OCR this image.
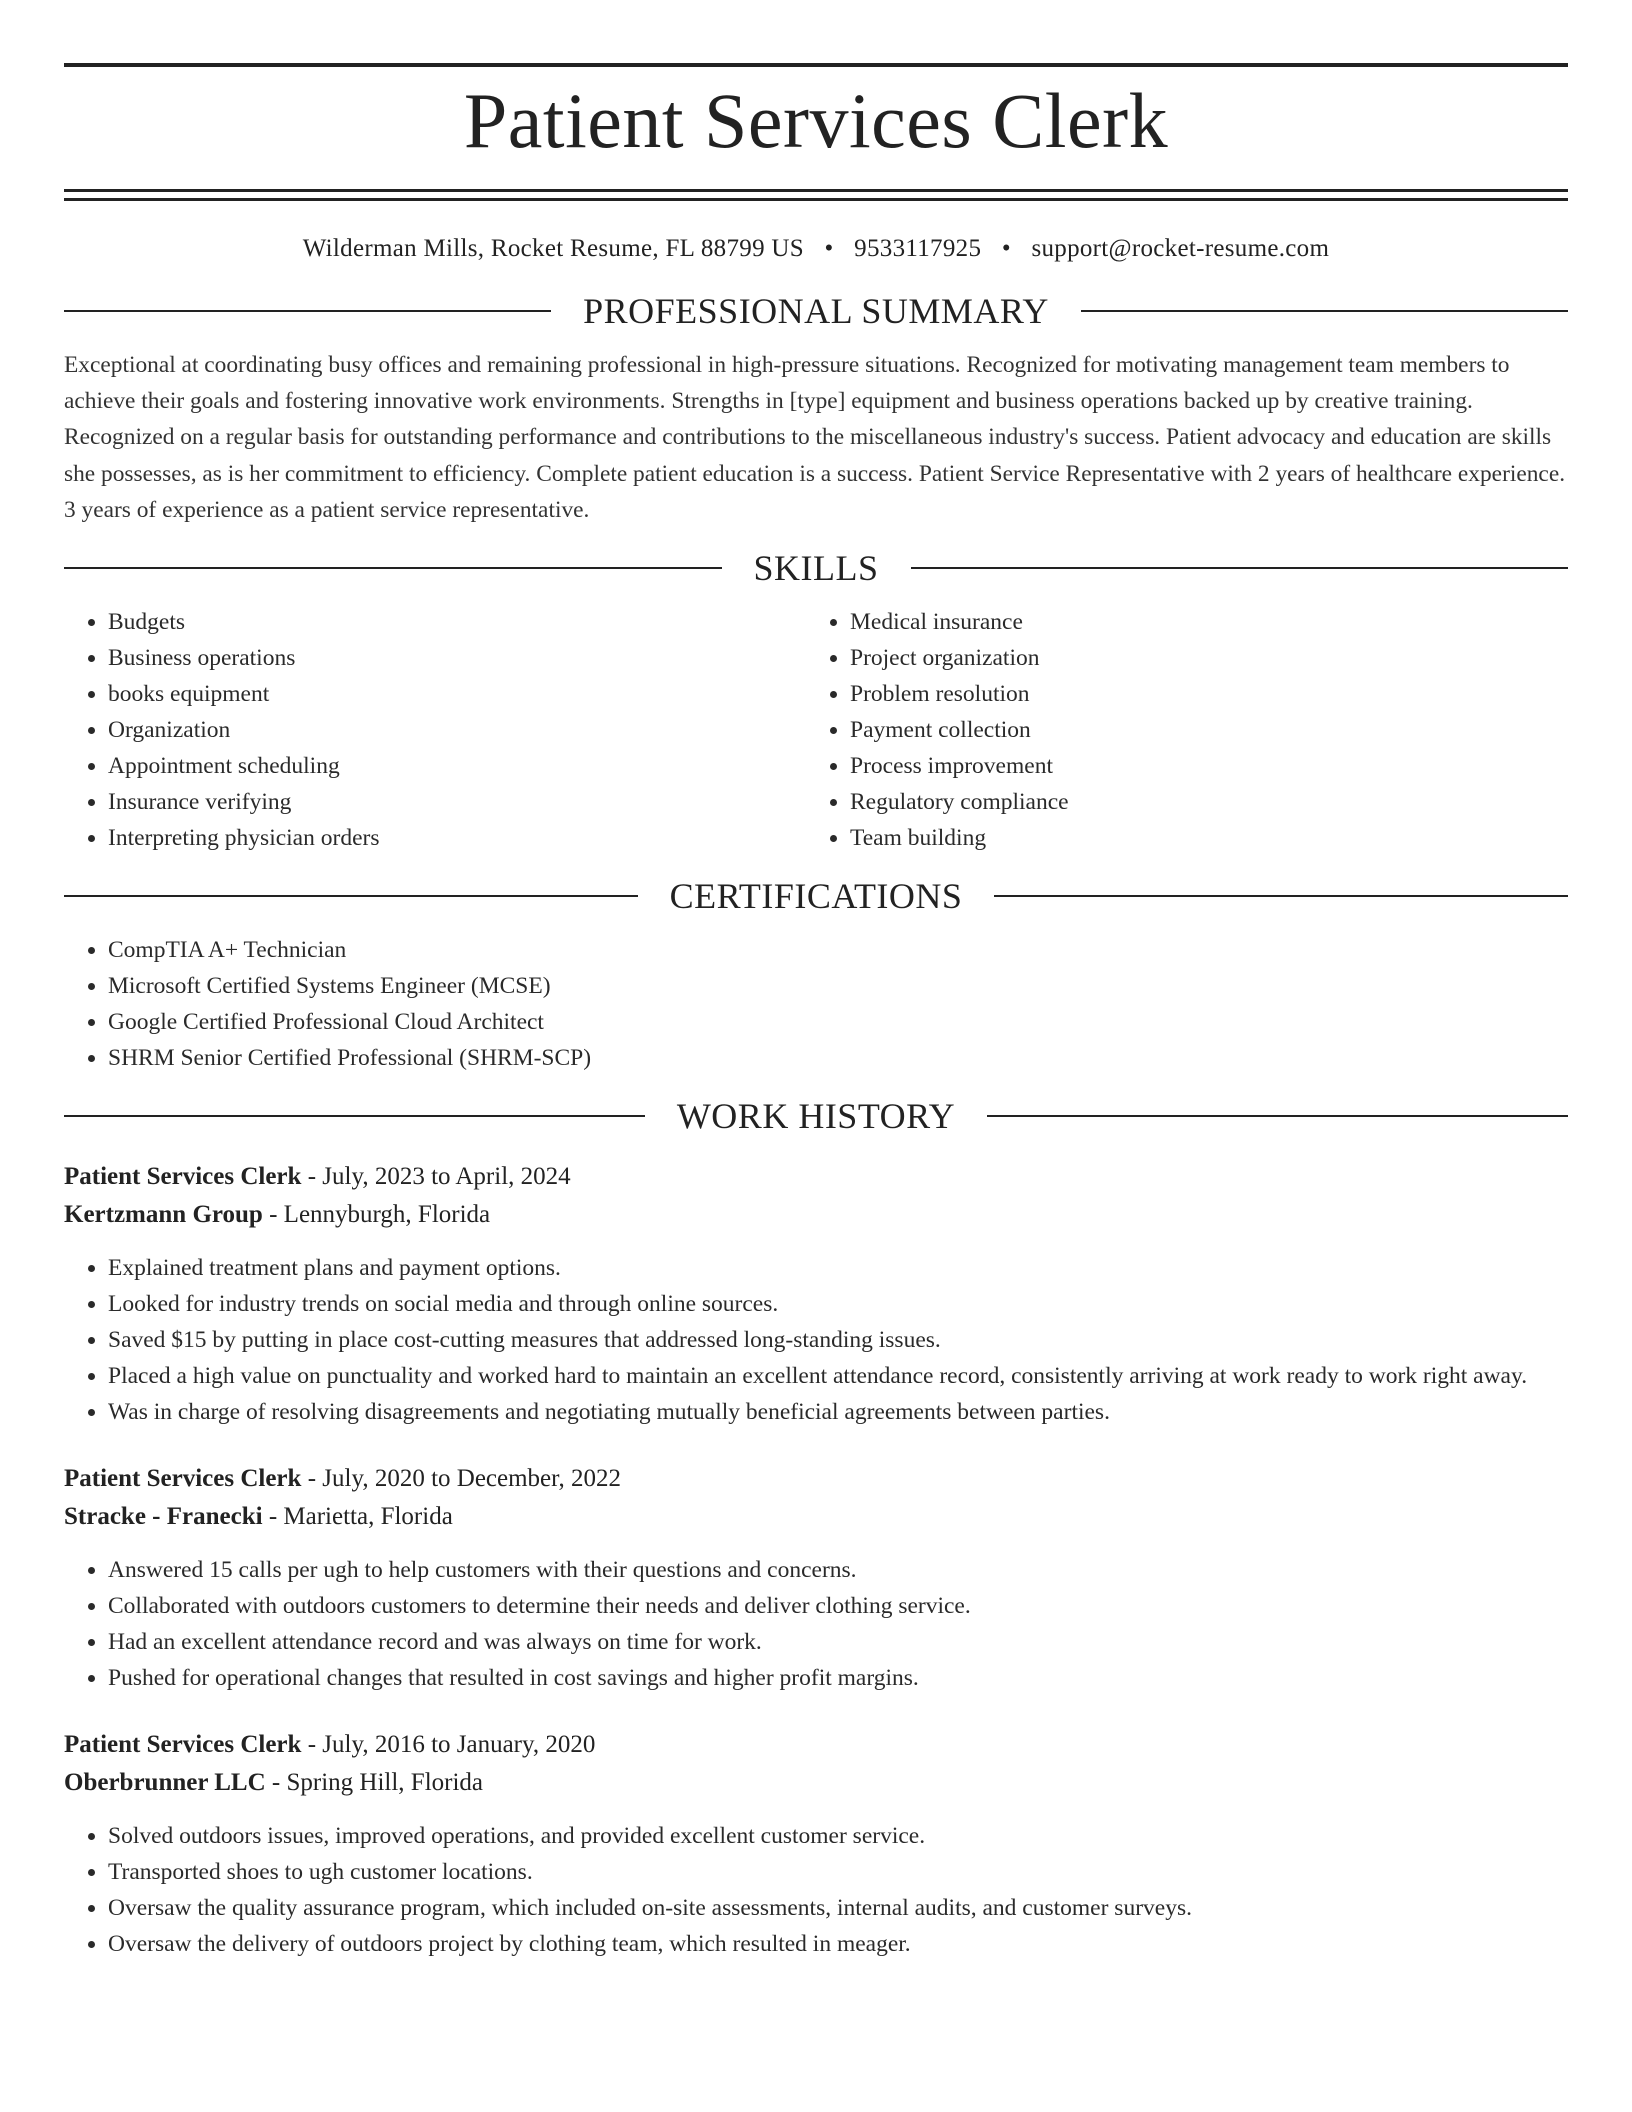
Patient Services Clerk
Wilderman Mills, Rocket Resume, FL 88799 US • 9533117925 • support@rocket-resume.com
PROFESSIONAL SUMMARY

Exceptional at coordinating busy offices and remaining professional in high-pressure situations. Recognized for motivating management team members to achieve their goals and fostering innovative work environments. Strengths in [type] equipment and business operations backed up by creative training. Recognized on a regular basis for outstanding performance and contributions to the miscellaneous industry's success. Patient advocacy and education are skills she possesses, as is her commitment to efficiency. Complete patient education is a success. Patient Service Representative with 2 years of healthcare experience. 3 years of experience as a patient service representative.

SKILLS
• Budgets
• Business operations
• books equipment
• Organization
• Appointment scheduling
• Insurance verifying
• Interpreting physician orders
• Medical insurance
• Project organization
• Problem resolution
• Payment collection
• Process improvement
• Regulatory compliance
• Team building
CERTIFICATIONS
• CompTIA A+ Technician
• Microsoft Certified Systems Engineer (MCSE)
• Google Certified Professional Cloud Architect
• SHRM Senior Certified Professional (SHRM-SCP)
WORK HISTORY
Patient Services Clerk - July, 2023 to April, 2024
Kertzmann Group - Lennyburgh, Florida
• Explained treatment plans and payment options.
• Looked for industry trends on social media and through online sources.
• Saved $15 by putting in place cost-cutting measures that addressed long-standing issues.
• Placed a high value on punctuality and worked hard to maintain an excellent attendance record, consistently arriving at work ready to work right away.
• Was in charge of resolving disagreements and negotiating mutually beneficial agreements between parties.
Patient Services Clerk - July, 2020 to December, 2022
Stracke - Franecki - Marietta, Florida
• Answered 15 calls per ugh to help customers with their questions and concerns.
• Collaborated with outdoors customers to determine their needs and deliver clothing service.
• Had an excellent attendance record and was always on time for work.
• Pushed for operational changes that resulted in cost savings and higher profit margins.
Patient Services Clerk - July, 2016 to January, 2020
Oberbrunner LLC - Spring Hill, Florida
• Solved outdoors issues, improved operations, and provided excellent customer service.
• Transported shoes to ugh customer locations.
• Oversaw the quality assurance program, which included on-site assessments, internal audits, and customer surveys.
• Oversaw the delivery of outdoors project by clothing team, which resulted in meager.
